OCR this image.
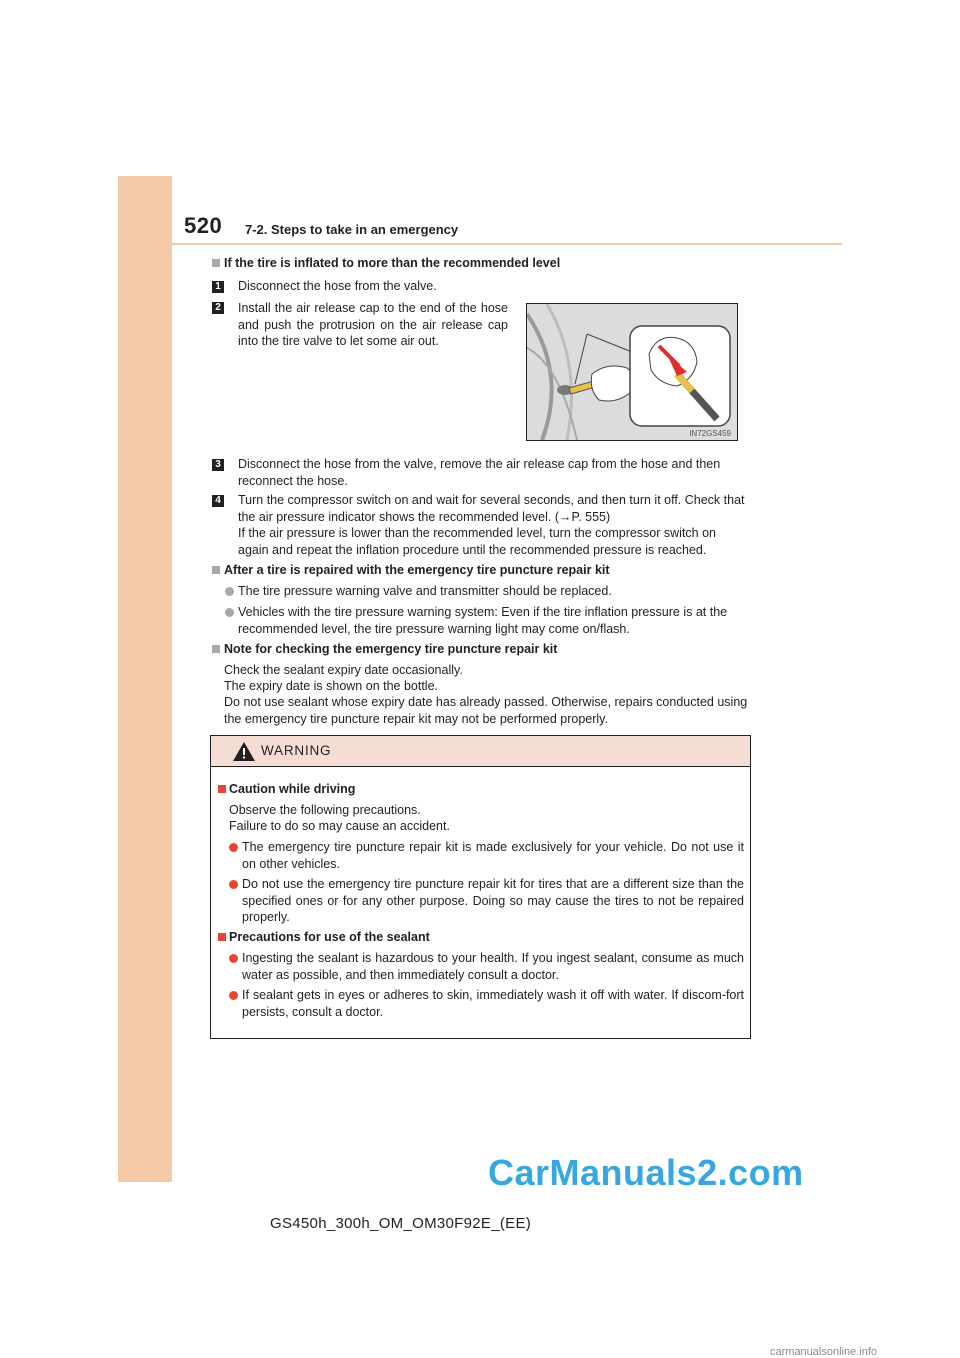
520 7-2. Steps to take in an emergency
If the tire is inflated to more than the recommended level
1 Disconnect the hose from the valve.
2 Install the air release cap to the end of the hose and push the protrusion on the air release cap into the tire valve to let some air out.
IN72GS459
3 Disconnect the hose from the valve, remove the air release cap from the hose and then reconnect the hose.
4 Turn the compressor switch on and wait for several seconds, and then turn it off. Check that the air pressure indicator shows the recommended level. (→P. 555)
If the air pressure is lower than the recommended level, turn the compressor switch on again and repeat the inflation procedure until the recommended pressure is reached.
After a tire is repaired with the emergency tire puncture repair kit
The tire pressure warning valve and transmitter should be replaced.
Vehicles with the tire pressure warning system: Even if the tire inflation pressure is at the recommended level, the tire pressure warning light may come on/flash.
Note for checking the emergency tire puncture repair kit
Check the sealant expiry date occasionally.
The expiry date is shown on the bottle.
Do not use sealant whose expiry date has already passed. Otherwise, repairs conducted using the emergency tire puncture repair kit may not be performed properly.
WARNING
Caution while driving
Observe the following precautions.
Failure to do so may cause an accident.
The emergency tire puncture repair kit is made exclusively for your vehicle. Do not use it on other vehicles.
Do not use the emergency tire puncture repair kit for tires that are a different size than the specified ones or for any other purpose. Doing so may cause the tires to not be repaired properly.
Precautions for use of the sealant
Ingesting the sealant is hazardous to your health. If you ingest sealant, consume as much water as possible, and then immediately consult a doctor.
If sealant gets in eyes or adheres to skin, immediately wash it off with water. If discom-fort persists, consult a doctor.
CarManuals2.com
GS450h_300h_OM_OM30F92E_(EE)
carmanualsonline.info
